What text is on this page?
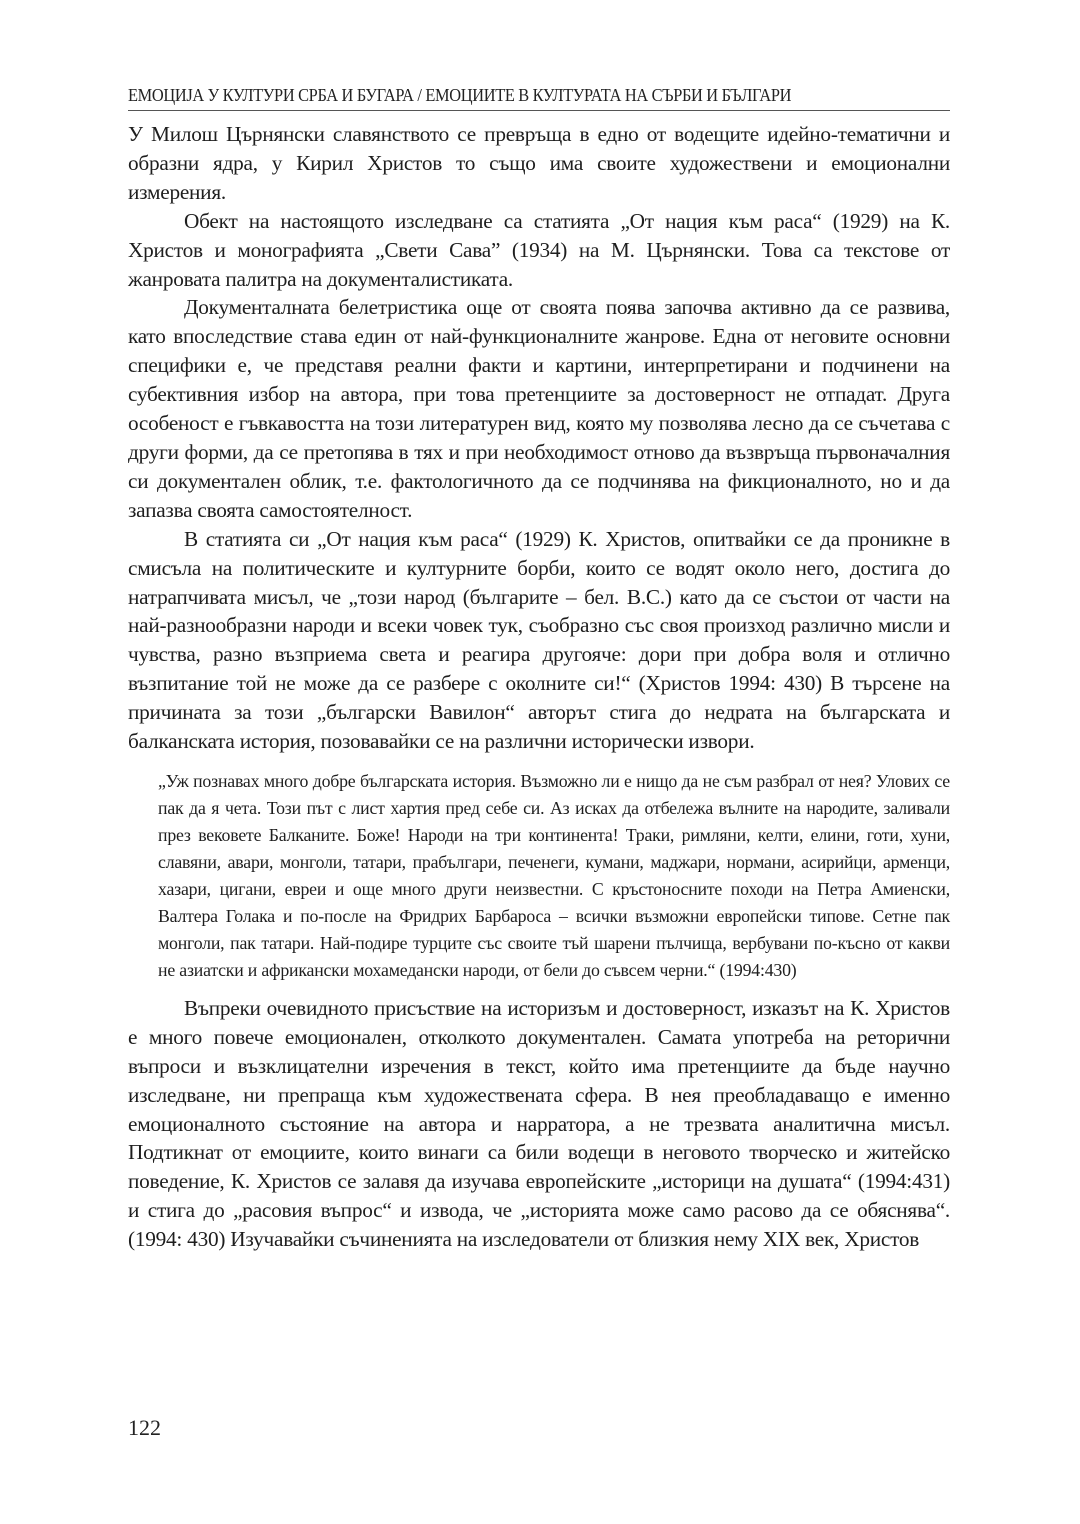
ЕМОЦИЈА У КУЛТУРИ СРБА И БУГАРА / ЕМОЦИИТЕ В КУЛТУРАТА НА СЪРБИ И БЪЛГАРИ

У Милош Църнянски славянството се превръща в едно от водещите идейно-тематични и образни ядра, у Кирил Христов то също има своите художествени и емоционални измерения.

Обект на настоящото изследване са статията „От нация към раса“ (1929) на К. Христов и монографията „Свети Сава” (1934) на М. Църнянски. Това са текстове от жанровата палитра на документалистиката.

Документалната белетристика още от своята поява започва активно да се развива, като впоследствие става един от най-функционалните жанрове. Една от неговите основни специфики е, че представя реални факти и картини, интерпретирани и подчинени на субективния избор на автора, при това претенциите за достоверност не отпадат. Друга особеност е гъвкавостта на този литературен вид, която му позволява лесно да се съчетава с други форми, да се претопява в тях и при необходимост отново да възвръща първоначалния си документален облик, т.е. фактологичното да се подчинява на фикционалното, но и да запазва своята самостоятелност.

В статията си „От нация към раса“ (1929) К. Христов, опитвайки се да проникне в смисъла на политическите и културните борби, които се водят около него, достига до натрапчивата мисъл, че „този народ (българите – бел. В.С.) като да се състои от части на най-разнообразни народи и всеки човек тук, съобразно със своя произход различно мисли и чувства, разно възприема света и реагира другояче: дори при добра воля и отлично възпитание той не може да се разбере с околните си!“ (Христов 1994: 430) В търсене на причината за този „български Вавилон“ авторът стига до недрата на българската и балканската история, позовавайки се на различни исторически извори.

„Уж познавах много добре българската история. Възможно ли е нищо да не съм разбрал от нея? Улових се пак да я чета. Този път с лист хартия пред себе си. Аз исках да отбележа вълните на народите, заливали през вековете Балканите. Боже! Народи на три континента! Траки, римляни, келти, елини, готи, хуни, славяни, авари, монголи, татари, прабългари, печенеги, кумани, маджари, нормани, асирийци, арменци, хазари, цигани, евреи и още много други неизвестни. С кръстоносните походи на Петра Амиенски, Валтера Голака и по-после на Фридрих Барбароса – всички възможни европейски типове. Сетне пак монголи, пак татари. Най-подире турците със своите тъй шарени пълчища, вербувани по-късно от какви не азиатски и африкански мохамедански народи, от бели до съвсем черни.“ (1994:430)

Въпреки очевидното присъствие на историзъм и достоверност, изказът на К. Христов е много повече емоционален, отколкото документален. Самата употреба на реторични въпроси и възклицателни изречения в текст, който има претенциите да бъде научно изследване, ни препраща към художествената сфера. В нея преобладаващо е именно емоционалното състояние на автора и нарратора, а не трезвата аналитична мисъл. Подтикнат от емоциите, които винаги са били водещи в неговото творческо и житейско поведение, К. Христов се залавя да изучава европейските „историци на душата“ (1994:431) и стига до „расовия въпрос“ и извода, че „историята може само расово да се обяснява“. (1994: 430) Изучавайки съчиненията на изследователи от близкия нему XIX век, Христов

122
